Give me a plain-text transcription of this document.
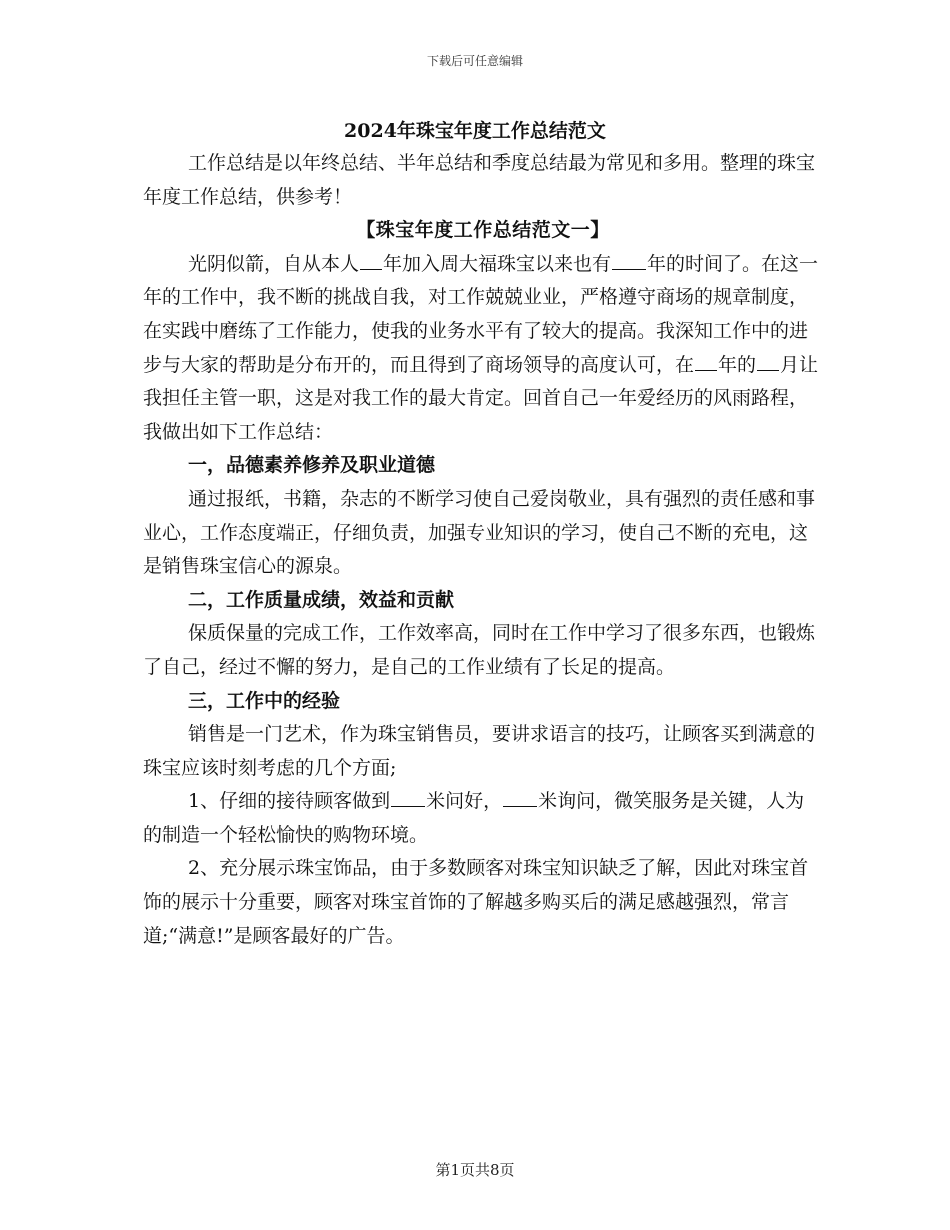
下载后可任意编辑
2024年珠宝年度工作总结范文

工作总结是以年终总结、半年总结和季度总结最为常见和多用。整理的珠宝年度工作总结，供参考！

【珠宝年度工作总结范文一】

光阴似箭，自从本人 年加入周大福珠宝以来也有 年的时间了。在这一年的工作中，我不断的挑战自我，对工作兢兢业业，严格遵守商场的规章制度，在实践中磨练了工作能力，使我的业务水平有了较大的提高。我深知工作中的进步与大家的帮助是分布开的，而且得到了商场领导的高度认可，在 年的 月让我担任主管一职，这是对我工作的最大肯定。回首自己一年爱经历的风雨路程，我做出如下工作总结：

一，品德素养修养及职业道德

通过报纸，书籍，杂志的不断学习使自己爱岗敬业，具有强烈的责任感和事业心，工作态度端正，仔细负责，加强专业知识的学习，使自己不断的充电，这是销售珠宝信心的源泉。

二，工作质量成绩，效益和贡献

保质保量的完成工作，工作效率高，同时在工作中学习了很多东西，也锻炼了自己，经过不懈的努力，是自己的工作业绩有了长足的提高。

三，工作中的经验

销售是一门艺术，作为珠宝销售员，要讲求语言的技巧，让顾客买到满意的珠宝应该时刻考虑的几个方面;

1、仔细的接待顾客做到 米问好， 米询问，微笑服务是关键，人为的制造一个轻松愉快的购物环境。

2、充分展示珠宝饰品，由于多数顾客对珠宝知识缺乏了解，因此对珠宝首饰的展示十分重要，顾客对珠宝首饰的了解越多购买后的满足感越强烈，常言道;“满意!”是顾客最好的广告。

第1页共8页
